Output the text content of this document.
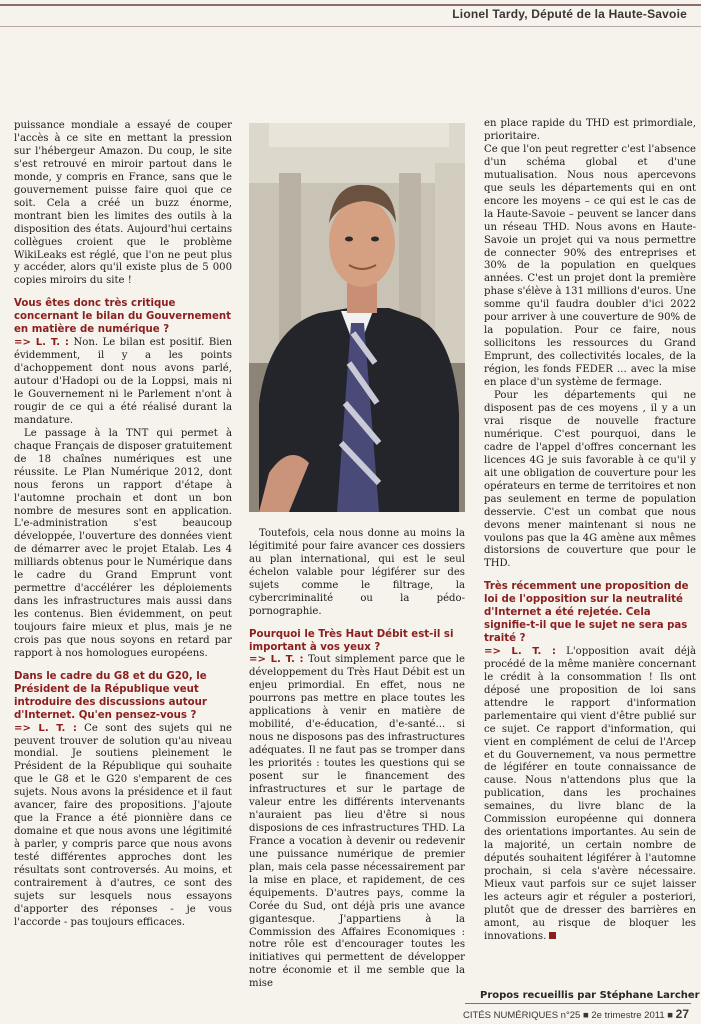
Lionel Tardy, Député de la Haute-Savoie

puissance mondiale a essayé de couper l'accès à ce site en mettant la pression sur l'hébergeur Amazon. Du coup, le site s'est retrouvé en miroir partout dans le monde, y compris en France, sans que le gouvernement puisse faire quoi que ce soit. Cela a créé un buzz énorme, montrant bien les limites des outils à la disposition des états. Aujourd'hui certains collègues croient que le problème WikiLeaks est réglé, que l'on ne peut plus y accéder, alors qu'il existe plus de 5 000 copies miroirs du site !

Vous êtes donc très critique concernant le bilan du Gouvernement en matière de numérique ?

=> L. T. : Non. Le bilan est positif. Bien évidemment, il y a les points d'achoppement dont nous avons parlé, autour d'Hadopi ou de la Loppsi, mais ni le Gouvernement ni le Parlement n'ont à rougir de ce qui a été réalisé durant la mandature.

Le passage à la TNT qui permet à chaque Français de disposer gratuitement de 18 chaînes numériques est une réussite. Le Plan Numérique 2012, dont nous ferons un rapport d'étape à l'automne prochain et dont un bon nombre de mesures sont en application. L'e-administration s'est beaucoup développée, l'ouverture des données vient de démarrer avec le projet Etalab. Les 4 milliards obtenus pour le Numérique dans le cadre du Grand Emprunt vont permettre d'accélérer les déploiements dans les infrastructures mais aussi dans les contenus. Bien évidemment, on peut toujours faire mieux et plus, mais je ne crois pas que nous soyons en retard par rapport à nos homologues européens.

Dans le cadre du G8 et du G20, le Président de la République veut introduire des discussions autour d'Internet. Qu'en pensez-vous ?

=> L. T. : Ce sont des sujets qui ne peuvent trouver de solution qu'au niveau mondial. Je soutiens pleinement le Président de la République qui souhaite que le G8 et le G20 s'emparent de ces sujets. Nous avons la présidence et il faut avancer, faire des propositions. J'ajoute que la France a été pionnière dans ce domaine et que nous avons une légitimité à parler, y compris parce que nous avons testé différentes approches dont les résultats sont controversés. Au moins, et contrairement à d'autres, ce sont des sujets sur lesquels nous essayons d'apporter des réponses - je vous l'accorde - pas toujours efficaces.

Toutefois, cela nous donne au moins la légitimité pour faire avancer ces dossiers au plan international, qui est le seul échelon valable pour légiférer sur des sujets comme le filtrage, la cybercriminalité ou la pédo-pornographie.

Pourquoi le Très Haut Débit est-il si important à vos yeux ?

=> L. T. : Tout simplement parce que le développement du Très Haut Débit est un enjeu primordial. En effet, nous ne pourrons pas mettre en place toutes les applications à venir en matière de mobilité, d'e-éducation, d'e-santé... si nous ne disposons pas des infrastructures adéquates. Il ne faut pas se tromper dans les priorités : toutes les questions qui se posent sur le financement des infrastructures et sur le partage de valeur entre les différents intervenants n'auraient pas lieu d'être si nous disposions de ces infrastructures THD. La France a vocation à devenir ou redevenir une puissance numérique de premier plan, mais cela passe nécessairement par la mise en place, et rapidement, de ces équipements. D'autres pays, comme la Corée du Sud, ont déjà pris une avance gigantesque. J'appartiens à la Commission des Affaires Economiques : notre rôle est d'encourager toutes les initiatives qui permettent de développer notre économie et il me semble que la mise

en place rapide du THD est primordiale, prioritaire.

Ce que l'on peut regretter c'est l'absence d'un schéma global et d'une mutualisation. Nous nous apercevons que seuls les départements qui en ont encore les moyens – ce qui est le cas de la Haute-Savoie – peuvent se lancer dans un réseau THD. Nous avons en Haute-Savoie un projet qui va nous permettre de connecter 90% des entreprises et 30% de la population en quelques années. C'est un projet dont la première phase s'élève à 131 millions d'euros. Une somme qu'il faudra doubler d'ici 2022 pour arriver à une couverture de 90% de la population. Pour ce faire, nous sollicitons les ressources du Grand Emprunt, des collectivités locales, de la région, les fonds FEDER ... avec la mise en place d'un système de fermage.

Pour les départements qui ne disposent pas de ces moyens , il y a un vrai risque de nouvelle fracture numérique. C'est pourquoi, dans le cadre de l'appel d'offres concernant les licences 4G je suis favorable à ce qu'il y ait une obligation de couverture pour les opérateurs en terme de territoires et non pas seulement en terme de population desservie. C'est un combat que nous devons mener maintenant si nous ne voulons pas que la 4G amène aux mêmes distorsions de couverture que pour le THD.

Très récemment une proposition de loi de l'opposition sur la neutralité d'Internet a été rejetée. Cela signifie-t-il que le sujet ne sera pas traité ?

=> L. T. : L'opposition avait déjà procédé de la même manière concernant le crédit à la consommation ! Ils ont déposé une proposition de loi sans attendre le rapport d'information parlementaire qui vient d'être publié sur ce sujet. Ce rapport d'information, qui vient en complément de celui de l'Arcep et du Gouvernement, va nous permettre de légiférer en toute connaissance de cause. Nous n'attendons plus que la publication, dans les prochaines semaines, du livre blanc de la Commission européenne qui donnera des orientations importantes. Au sein de la majorité, un certain nombre de députés souhaitent légiférer à l'automne prochain, si cela s'avère nécessaire. Mieux vaut parfois sur ce sujet laisser les acteurs agir et réguler a posteriori, plutôt que de dresser des barrières en amont, au risque de bloquer les innovations.

Propos recueillis par Stéphane Larcher
CITÉS NUMÉRIQUES n°25 ■ 2e trimestre 2011 ■ 27
